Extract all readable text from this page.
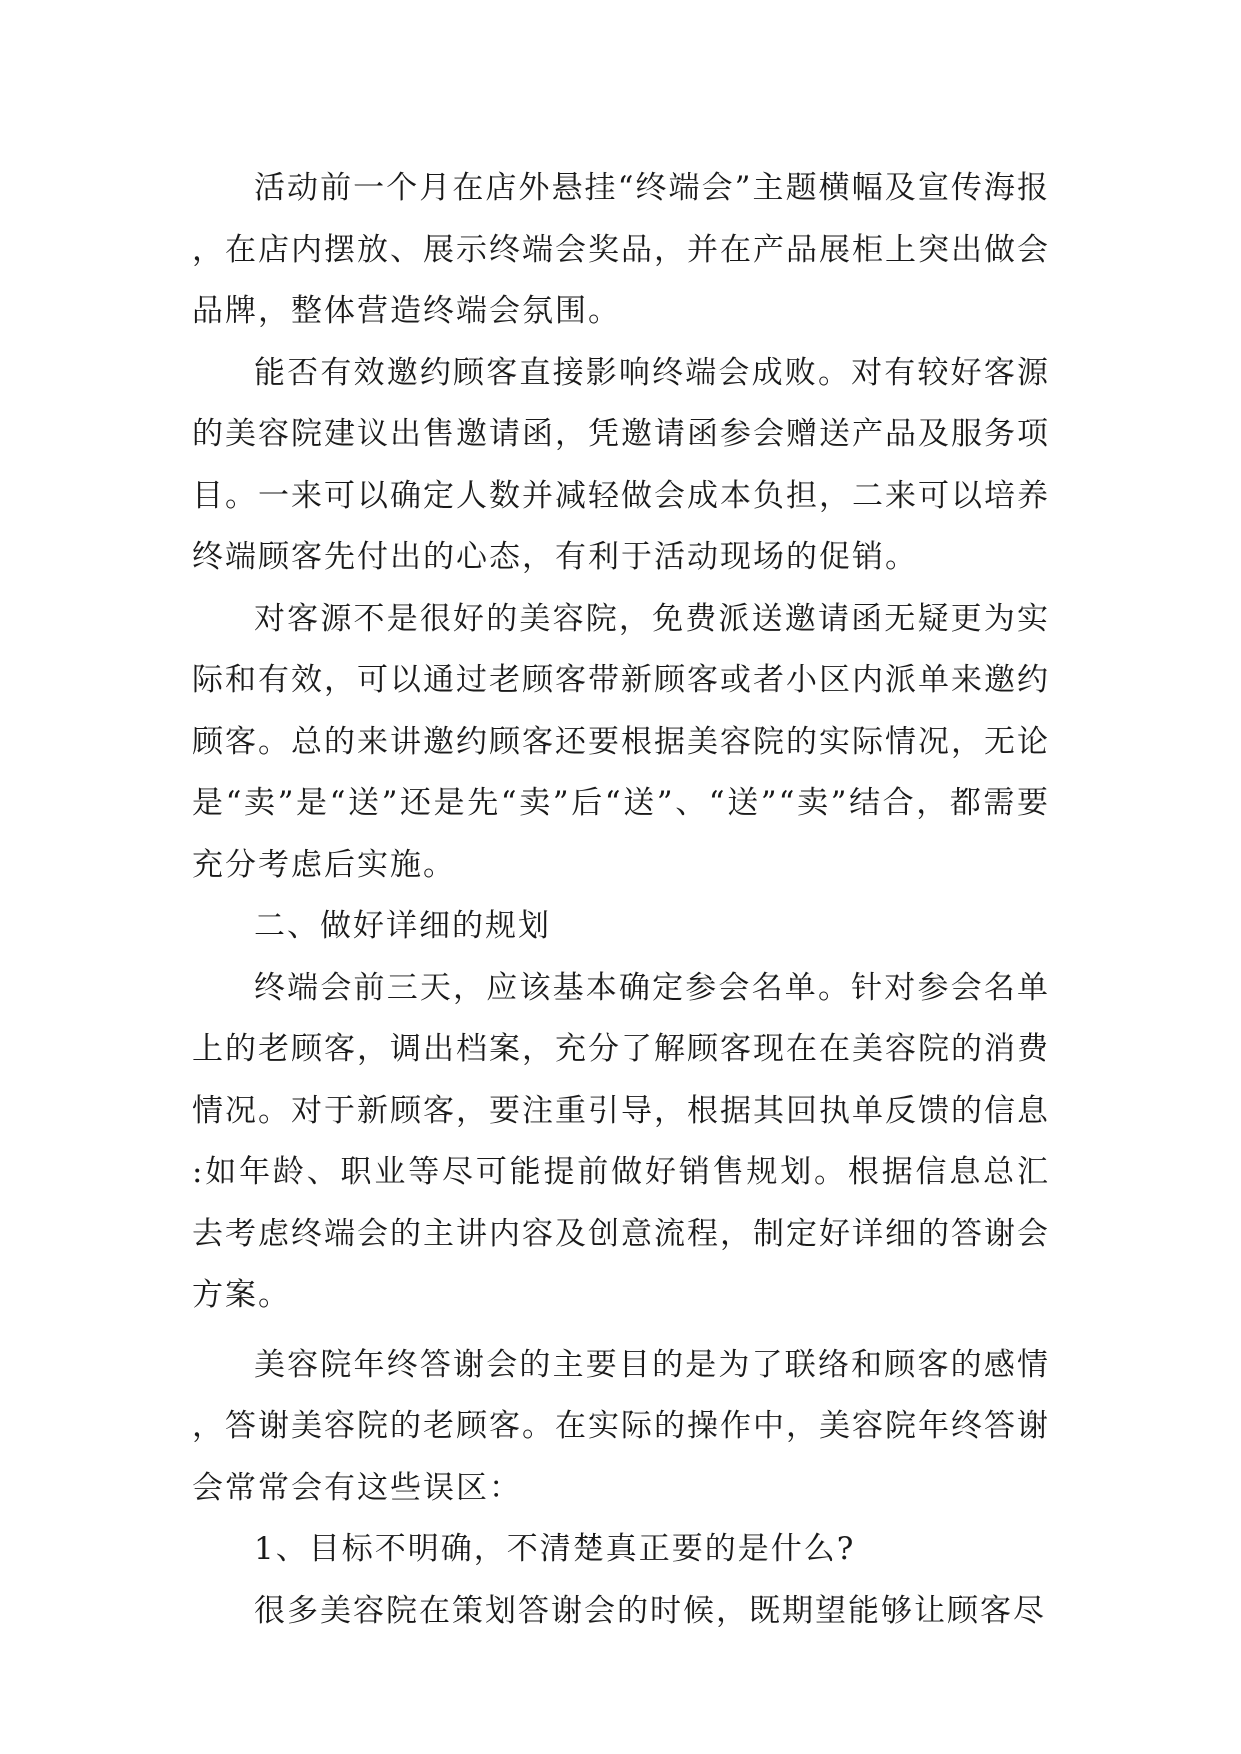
活动前一个月在店外悬挂“终端会”主题横幅及宣传海报，在店内摆放、展示终端会奖品，并在产品展柜上突出做会品牌，整体营造终端会氛围。

能否有效邀约顾客直接影响终端会成败。对有较好客源的美容院建议出售邀请函，凭邀请函参会赠送产品及服务项目。一来可以确定人数并减轻做会成本负担，二来可以培养终端顾客先付出的心态，有利于活动现场的促销。

对客源不是很好的美容院，免费派送邀请函无疑更为实际和有效，可以通过老顾客带新顾客或者小区内派单来邀约顾客。总的来讲邀约顾客还要根据美容院的实际情况，无论是“卖”是“送”还是先“卖”后“送”、“送”“卖”结合，都需要充分考虑后实施。

二、做好详细的规划

终端会前三天，应该基本确定参会名单。针对参会名单上的老顾客，调出档案，充分了解顾客现在在美容院的消费情况。对于新顾客，要注重引导，根据其回执单反馈的信息:如年龄、职业等尽可能提前做好销售规划。根据信息总汇去考虑终端会的主讲内容及创意流程，制定好详细的答谢会方案。

美容院年终答谢会的主要目的是为了联络和顾客的感情，答谢美容院的老顾客。在实际的操作中，美容院年终答谢会常常会有这些误区：

1、目标不明确，不清楚真正要的是什么?

很多美容院在策划答谢会的时候，既期望能够让顾客尽
